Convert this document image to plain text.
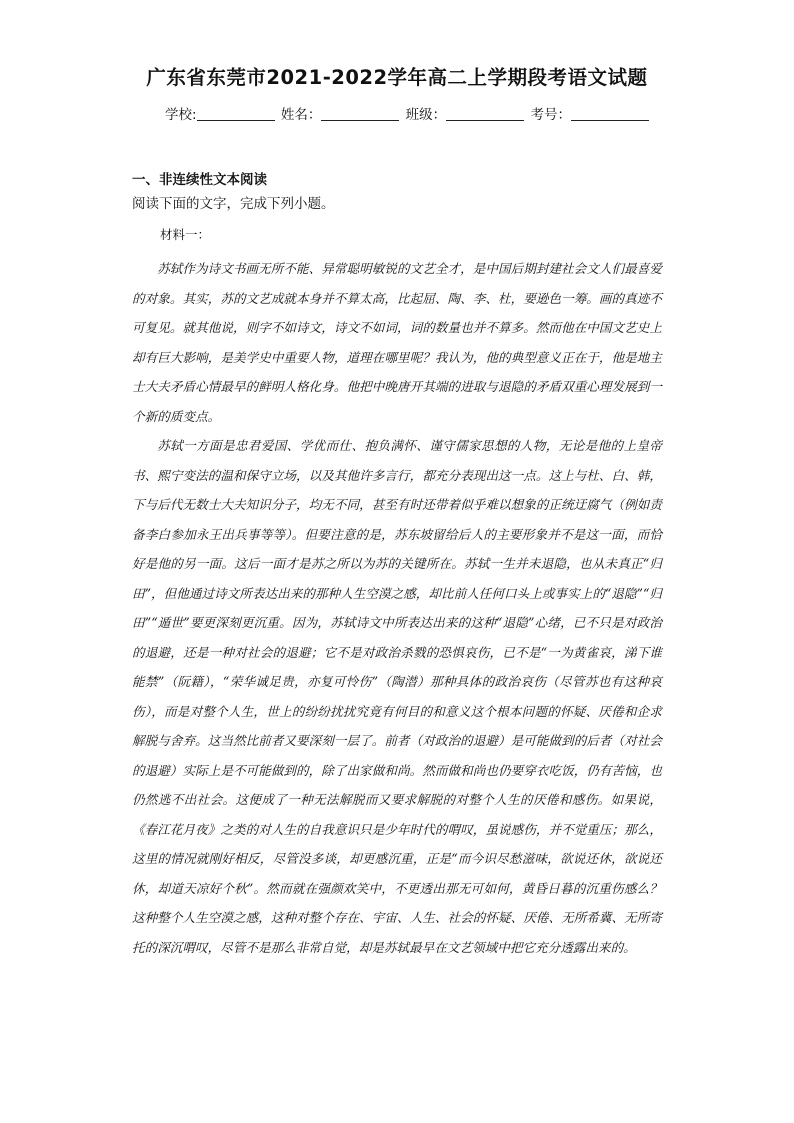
广东省东莞市2021-2022学年高二上学期段考语文试题
学校:	姓名：	班级：	考号：
一、非连续性文本阅读
阅读下面的文字，完成下列小题。
材料一：

苏轼作为诗文书画无所不能、异常聪明敏锐的文艺全才，是中国后期封建社会文人们最喜爱的对象。其实，苏的文艺成就本身并不算太高，比起屈、陶、李、杜，要逊色一筹。画的真迹不可复见。就其他说，则字不如诗文，诗文不如词，词的数量也并不算多。然而他在中国文艺史上却有巨大影响，是美学史中重要人物，道理在哪里呢？我认为，他的典型意义正在于，他是地主士大夫矛盾心情最早的鲜明人格化身。他把中晚唐开其端的进取与退隐的矛盾双重心理发展到一个新的质变点。

苏轼一方面是忠君爱国、学优而仕、抱负满怀、谨守儒家思想的人物，无论是他的上皇帝书、熙宁变法的温和保守立场，以及其他许多言行，都充分表现出这一点。这上与杜、白、韩，下与后代无数士大夫知识分子，均无不同，甚至有时还带着似乎难以想象的正统迂腐气（例如责备李白参加永王出兵事等等）。但要注意的是，苏东坡留给后人的主要形象并不是这一面，而恰好是他的另一面。这后一面才是苏之所以为苏的关键所在。苏轼一生并未退隐，也从未真正“归田”，但他通过诗文所表达出来的那种人生空漠之感，却比前人任何口头上或事实上的“退隐”“归田”“遁世”要更深刻更沉重。因为，苏轼诗文中所表达出来的这种“退隐”心绪，已不只是对政治的退避，还是一种对社会的退避；它不是对政治杀戮的恐惧哀伤，已不是“一为黄雀哀，涕下谁能禁”（阮籍），“荣华诚足贵，亦复可怜伤”（陶潜）那种具体的政治哀伤（尽管苏也有这种哀伤），而是对整个人生，世上的纷纷扰扰究竟有何目的和意义这个根本问题的怀疑、厌倦和企求解脱与舍弃。这当然比前者又要深刻一层了。前者（对政治的退避）是可能做到的后者（对社会的退避）实际上是不可能做到的，除了出家做和尚。然而做和尚也仍要穿衣吃饭，仍有苦恼，也仍然逃不出社会。这便成了一种无法解脱而又要求解脱的对整个人生的厌倦和感伤。如果说，《春江花月夜》之类的对人生的自我意识只是少年时代的喟叹，虽说感伤，并不觉重压；那么，这里的情况就刚好相反，尽管没多谈，却更感沉重，正是“而今识尽愁滋味，欲说还休，欲说还休，却道天凉好个秋”。然而就在强颜欢笑中，不更透出那无可如何，黄昏日暮的沉重伤感么？这种整个人生空漠之感，这种对整个存在、宇宙、人生、社会的怀疑、厌倦、无所希冀、无所寄托的深沉喟叹，尽管不是那么非常自觉，却是苏轼最早在文艺领域中把它充分透露出来的。
